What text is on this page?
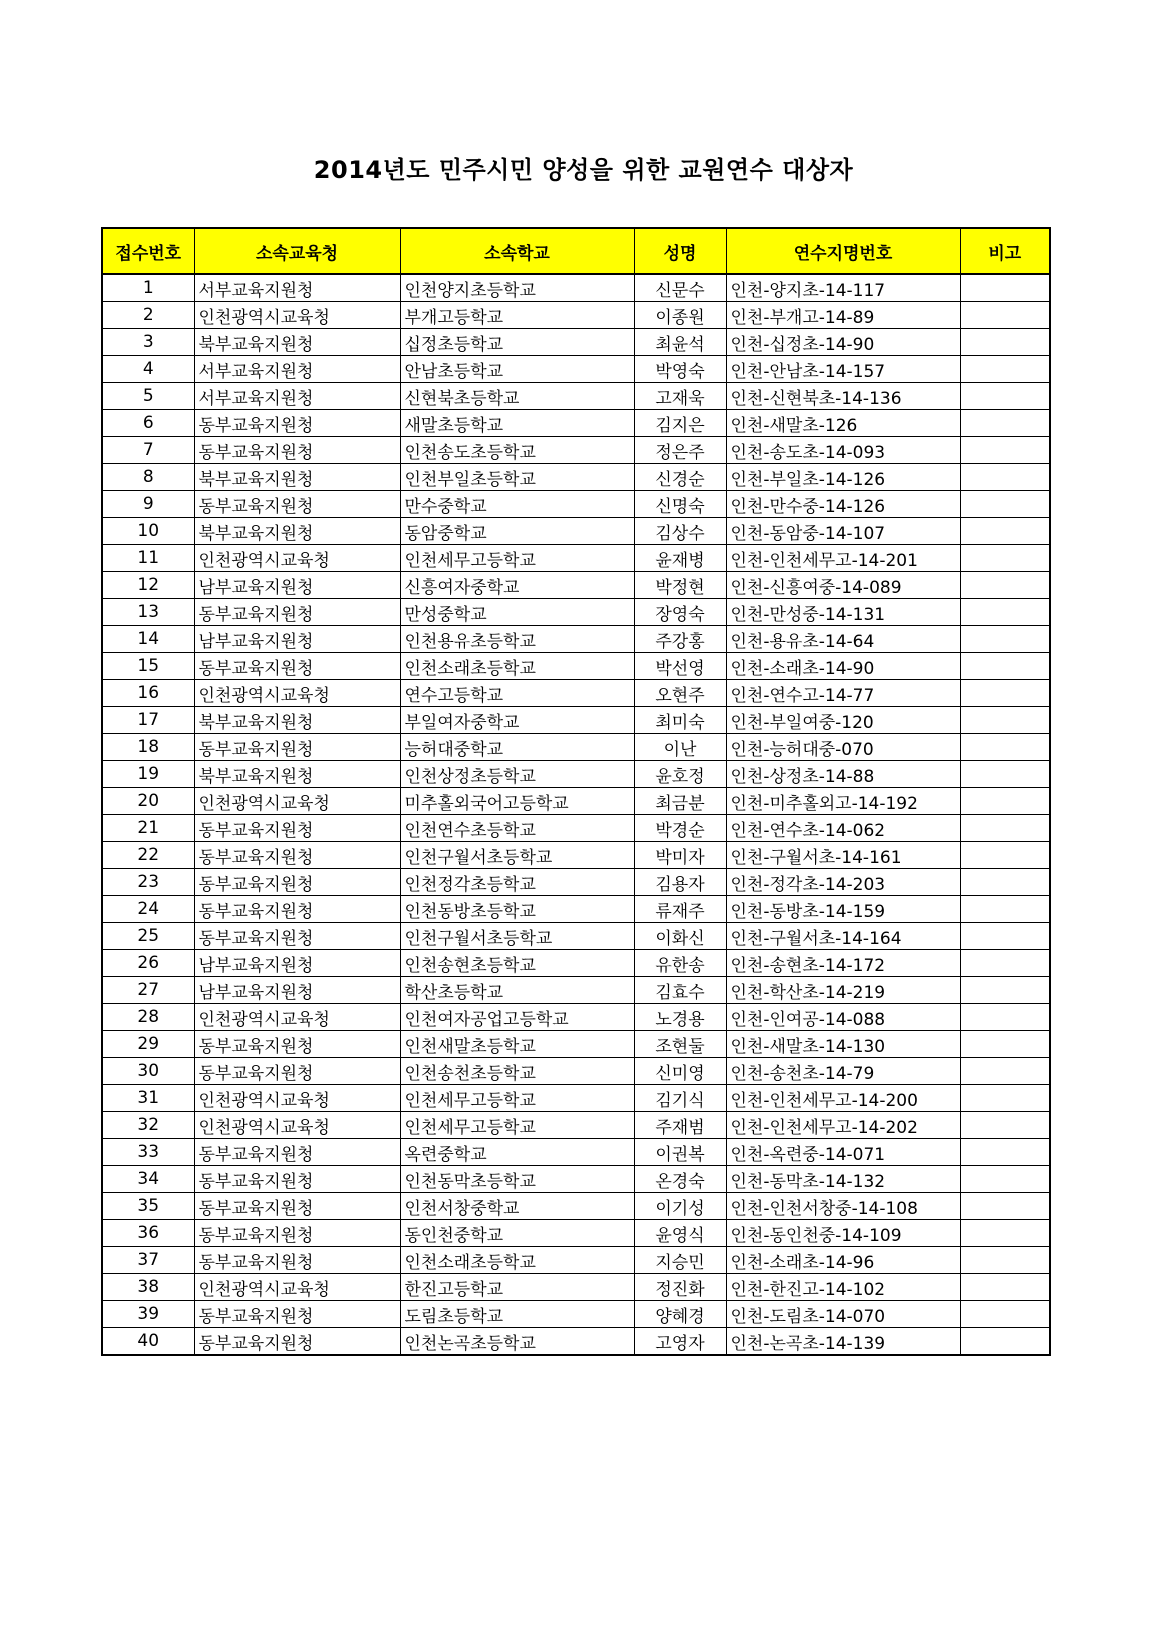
2014년도 민주시민 양성을 위한 교원연수 대상자
접수번호	소속교육청	소속학교	성명	연수지명번호	비고
1	서부교육지원청	인천양지초등학교	신문수	인천-양지초-14-117	
2	인천광역시교육청	부개고등학교	이종원	인천-부개고-14-89	
3	북부교육지원청	십정초등학교	최윤석	인천-십정초-14-90	
4	서부교육지원청	안남초등학교	박영숙	인천-안남초-14-157	
5	서부교육지원청	신현북초등학교	고재욱	인천-신현북초-14-136	
6	동부교육지원청	새말초등학교	김지은	인천-새말초-126	
7	동부교육지원청	인천송도초등학교	정은주	인천-송도초-14-093	
8	북부교육지원청	인천부일초등학교	신경순	인천-부일초-14-126	
9	동부교육지원청	만수중학교	신명숙	인천-만수중-14-126	
10	북부교육지원청	동암중학교	김상수	인천-동암중-14-107	
11	인천광역시교육청	인천세무고등학교	윤재병	인천-인천세무고-14-201	
12	남부교육지원청	신흥여자중학교	박정현	인천-신흥여중-14-089	
13	동부교육지원청	만성중학교	장영숙	인천-만성중-14-131	
14	남부교육지원청	인천용유초등학교	주강홍	인천-용유초-14-64	
15	동부교육지원청	인천소래초등학교	박선영	인천-소래초-14-90	
16	인천광역시교육청	연수고등학교	오현주	인천-연수고-14-77	
17	북부교육지원청	부일여자중학교	최미숙	인천-부일여중-120	
18	동부교육지원청	능허대중학교	이난	인천-능허대중-070	
19	북부교육지원청	인천상정초등학교	윤호정	인천-상정초-14-88	
20	인천광역시교육청	미추홀외국어고등학교	최금분	인천-미추홀외고-14-192	
21	동부교육지원청	인천연수초등학교	박경순	인천-연수초-14-062	
22	동부교육지원청	인천구월서초등학교	박미자	인천-구월서초-14-161	
23	동부교육지원청	인천정각초등학교	김용자	인천-정각초-14-203	
24	동부교육지원청	인천동방초등학교	류재주	인천-동방초-14-159	
25	동부교육지원청	인천구월서초등학교	이화신	인천-구월서초-14-164	
26	남부교육지원청	인천송현초등학교	유한송	인천-송현초-14-172	
27	남부교육지원청	학산초등학교	김효수	인천-학산초-14-219	
28	인천광역시교육청	인천여자공업고등학교	노경용	인천-인여공-14-088	
29	동부교육지원청	인천새말초등학교	조현둘	인천-새말초-14-130	
30	동부교육지원청	인천송천초등학교	신미영	인천-송천초-14-79	
31	인천광역시교육청	인천세무고등학교	김기식	인천-인천세무고-14-200	
32	인천광역시교육청	인천세무고등학교	주재범	인천-인천세무고-14-202	
33	동부교육지원청	옥련중학교	이권복	인천-옥련중-14-071	
34	동부교육지원청	인천동막초등학교	온경숙	인천-동막초-14-132	
35	동부교육지원청	인천서창중학교	이기성	인천-인천서창중-14-108	
36	동부교육지원청	동인천중학교	윤영식	인천-동인천중-14-109	
37	동부교육지원청	인천소래초등학교	지승민	인천-소래초-14-96	
38	인천광역시교육청	한진고등학교	정진화	인천-한진고-14-102	
39	동부교육지원청	도림초등학교	양혜경	인천-도림초-14-070	
40	동부교육지원청	인천논곡초등학교	고영자	인천-논곡초-14-139	
